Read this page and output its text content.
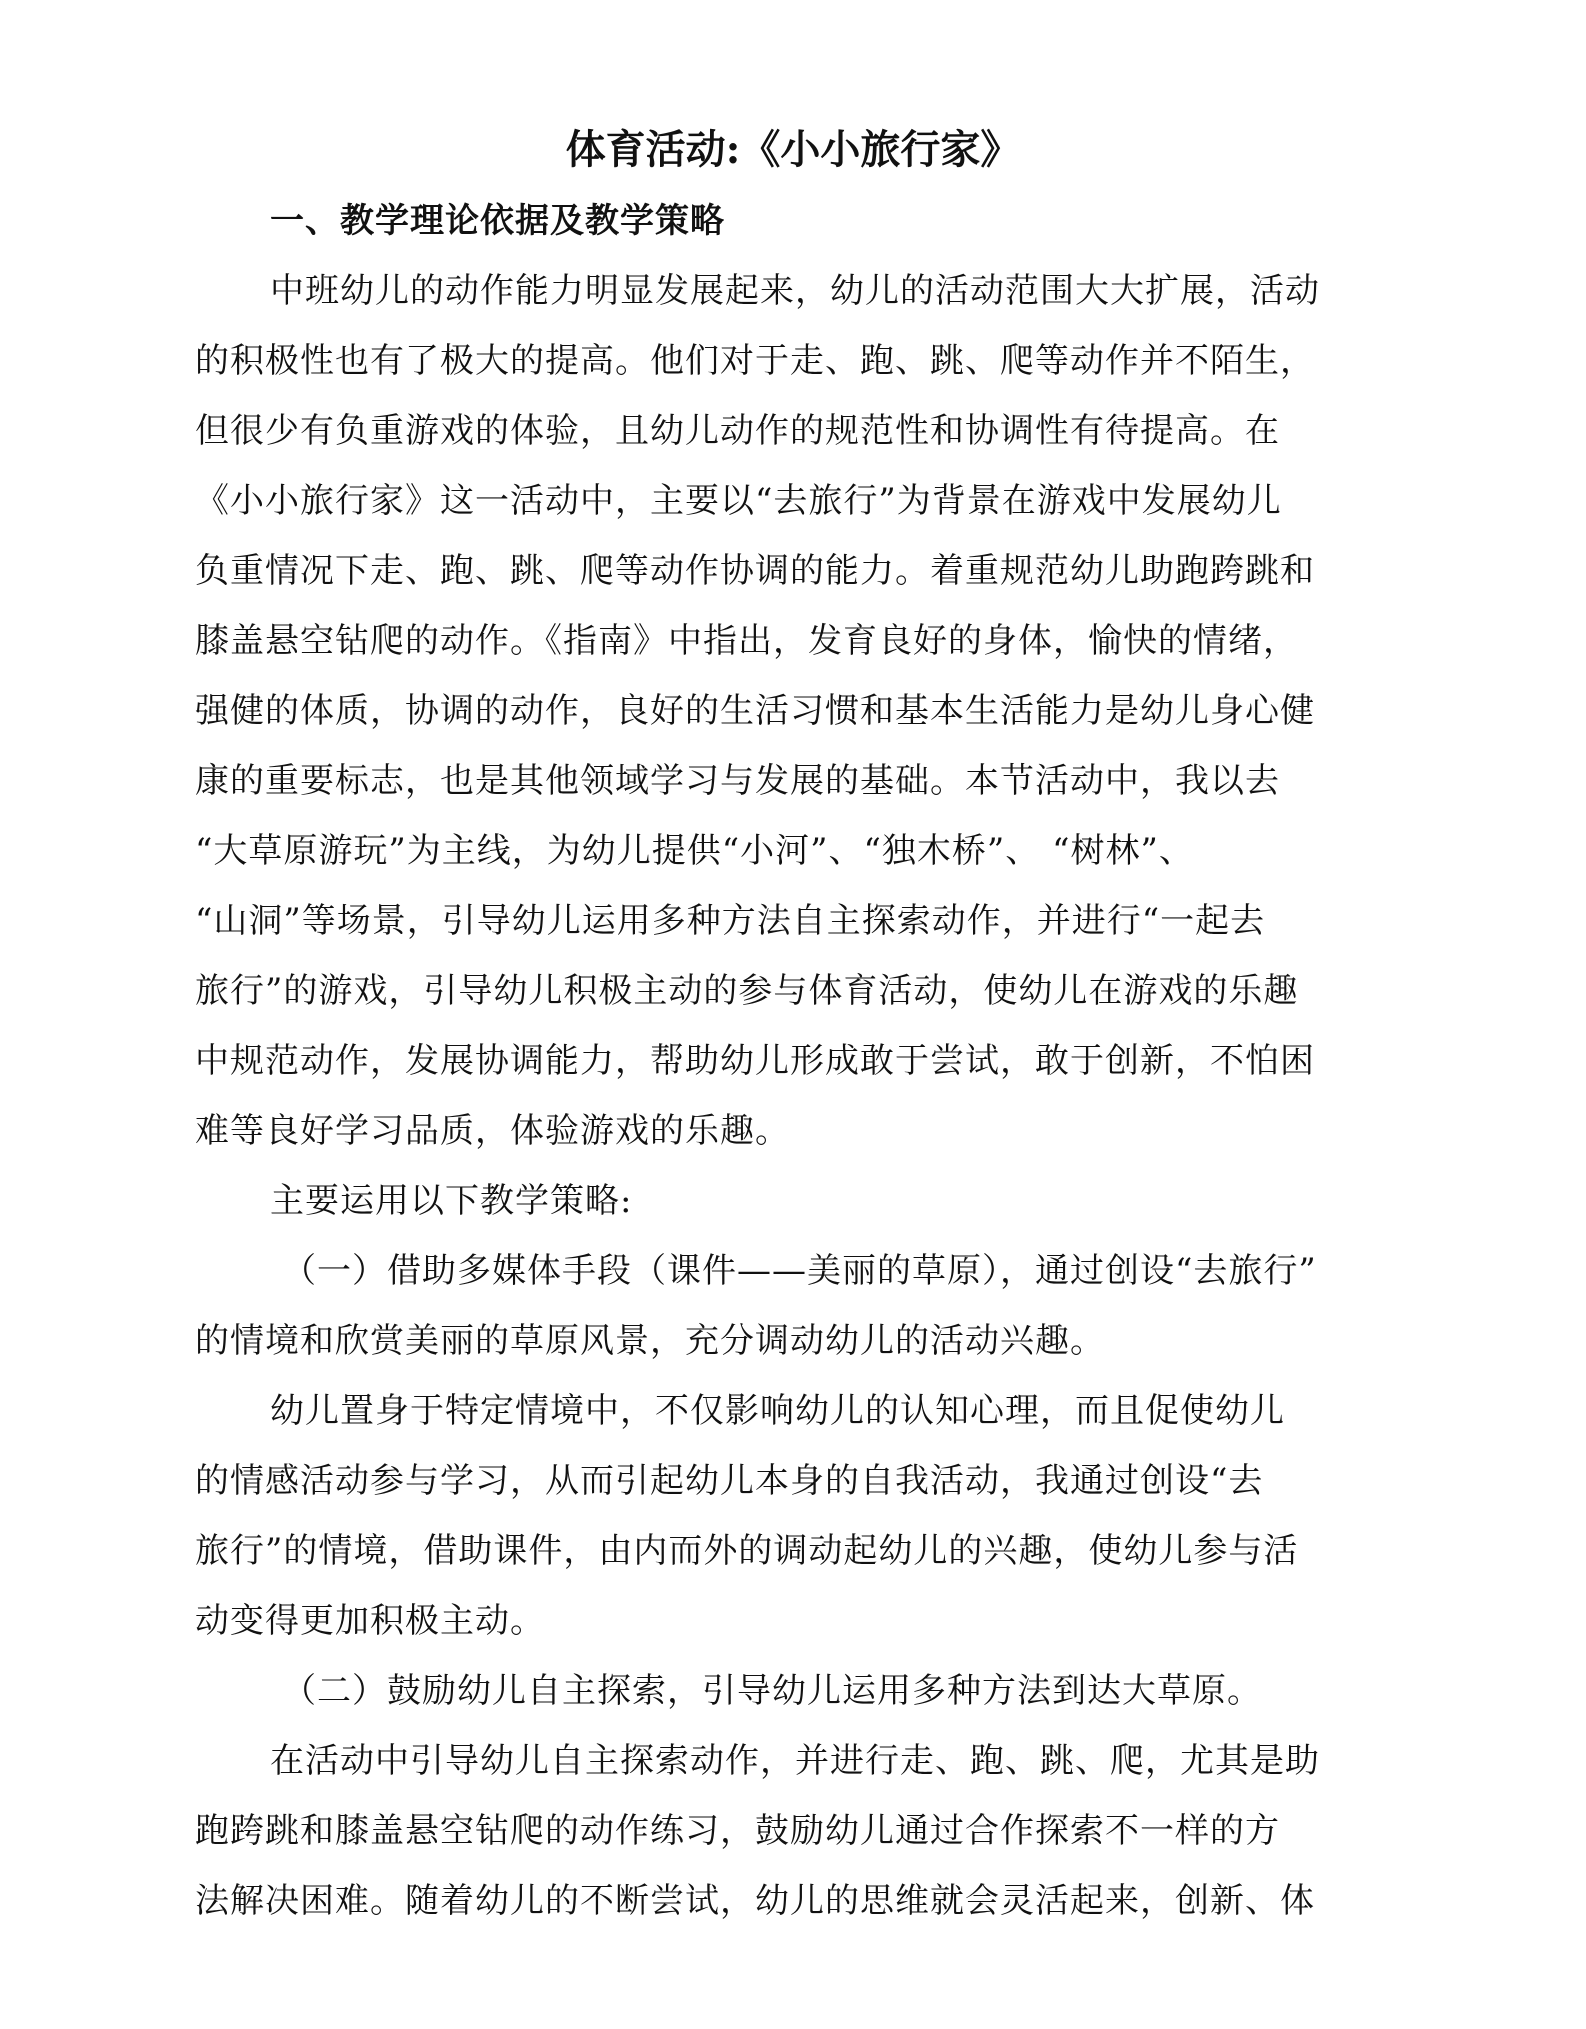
体育活动:《小小旅行家》
一、教学理论依据及教学策略
中班幼儿的动作能力明显发展起来，幼儿的活动范围大大扩展，活动
的积极性也有了极大的提高。他们对于走、跑、跳、爬等动作并不陌生，
但很少有负重游戏的体验，且幼儿动作的规范性和协调性有待提高。在
《小小旅行家》这一活动中，主要以“去旅行”为背景在游戏中发展幼儿
负重情况下走、跑、跳、爬等动作协调的能力。着重规范幼儿助跑跨跳和
膝盖悬空钻爬的动作。《指南》中指出，发育良好的身体，愉快的情绪，
强健的体质，协调的动作，良好的生活习惯和基本生活能力是幼儿身心健
康的重要标志，也是其他领域学习与发展的基础。本节活动中，我以去
“大草原游玩”为主线，为幼儿提供“小河”、“独木桥”、 “树林”、
“山洞”等场景，引导幼儿运用多种方法自主探索动作，并进行“一起去
旅行”的游戏，引导幼儿积极主动的参与体育活动，使幼儿在游戏的乐趣
中规范动作，发展协调能力，帮助幼儿形成敢于尝试，敢于创新，不怕困
难等良好学习品质，体验游戏的乐趣。
主要运用以下教学策略:
（一）借助多媒体手段（课件——美丽的草原），通过创设“去旅行”
的情境和欣赏美丽的草原风景，充分调动幼儿的活动兴趣。
幼儿置身于特定情境中，不仅影响幼儿的认知心理，而且促使幼儿
的情感活动参与学习，从而引起幼儿本身的自我活动，我通过创设“去
旅行”的情境，借助课件，由内而外的调动起幼儿的兴趣，使幼儿参与活
动变得更加积极主动。
（二）鼓励幼儿自主探索，引导幼儿运用多种方法到达大草原。
在活动中引导幼儿自主探索动作，并进行走、跑、跳、爬，尤其是助
跑跨跳和膝盖悬空钻爬的动作练习，鼓励幼儿通过合作探索不一样的方
法解决困难。随着幼儿的不断尝试，幼儿的思维就会灵活起来，创新、体
